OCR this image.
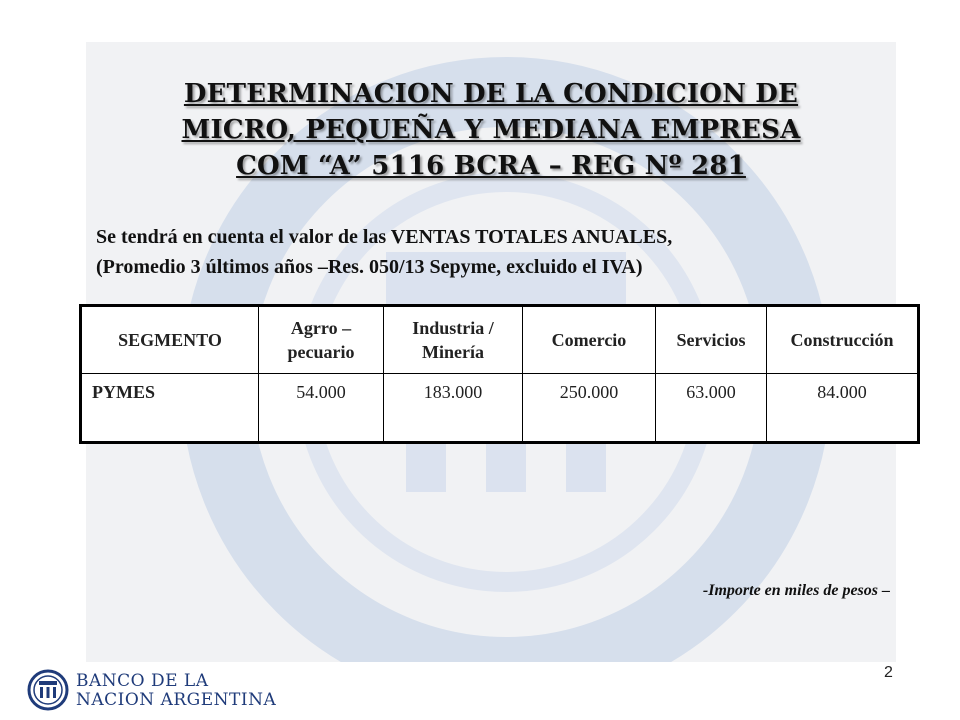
DETERMINACION DE LA CONDICION DE
MICRO, PEQUEÑA Y MEDIANA EMPRESA
COM “A” 5116 BCRA – REG Nº 281
Se tendrá en cuenta el valor de las VENTAS TOTALES ANUALES,
(Promedio 3 últimos años –Res. 050/13 Sepyme, excluido el IVA)
SEGMENTO	Agrro – pecuario	Industria / Minería	Comercio	Servicios	Construcción
PYMES	54.000	183.000	250.000	63.000	84.000
-Importe en miles de pesos –
2
BANCO DE LA
NACION ARGENTINA
